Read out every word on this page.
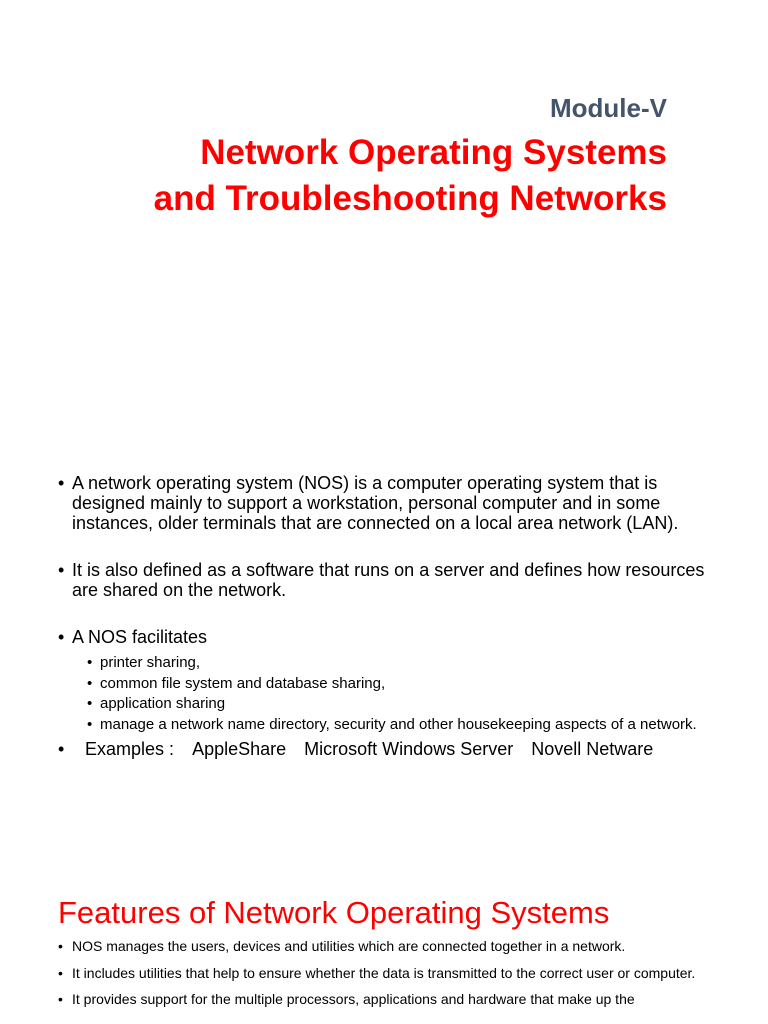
Module-V
Network Operating Systems
and Troubleshooting Networks
• A network operating system (NOS) is a computer operating system that is designed mainly to support a workstation, personal computer and in some instances, older terminals that are connected on a local area network (LAN).
• It is also defined as a software that runs on a server and defines how resources are shared on the network.
• A NOS facilitates
• printer sharing,
• common file system and database sharing,
• application sharing
• manage a network name directory, security and other housekeeping aspects of a network.
• Examples : AppleShare Microsoft Windows Server Novell Netware
Features of Network Operating Systems
• NOS manages the users, devices and utilities which are connected together in a network.
• It includes utilities that help to ensure whether the data is transmitted to the correct user or computer.
• It provides support for the multiple processors, applications and hardware that make up the
